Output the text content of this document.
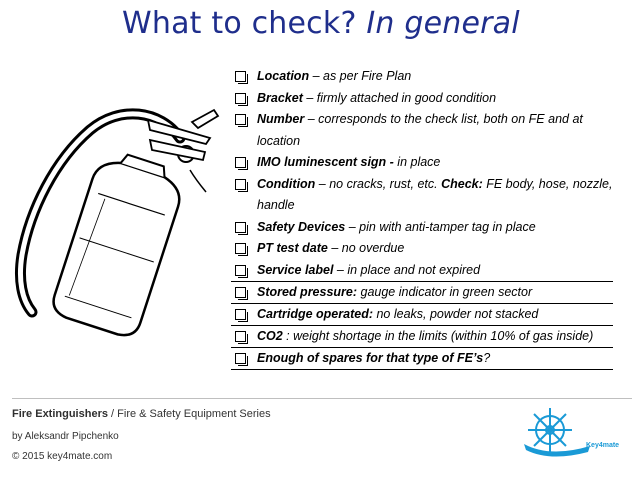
What to check? In general
Location – as per Fire Plan
Bracket – firmly attached in good condition
Number – corresponds to the check list, both on FE and at location
IMO luminescent sign - in place
Condition – no cracks, rust, etc. Check: FE body, hose, nozzle, handle
Safety Devices – pin with anti-tamper tag in place
PT test date – no overdue
Service label – in place and not expired
Stored pressure: gauge indicator in green sector
Cartridge operated: no leaks, powder not stacked
CO2 : weight shortage in the limits (within 10% of gas inside)
Enough of spares for that type of FE’s?
Fire Extinguishers / Fire & Safety Equipment Series
by Aleksandr Pipchenko
© 2015 key4mate.com
Key4mate
